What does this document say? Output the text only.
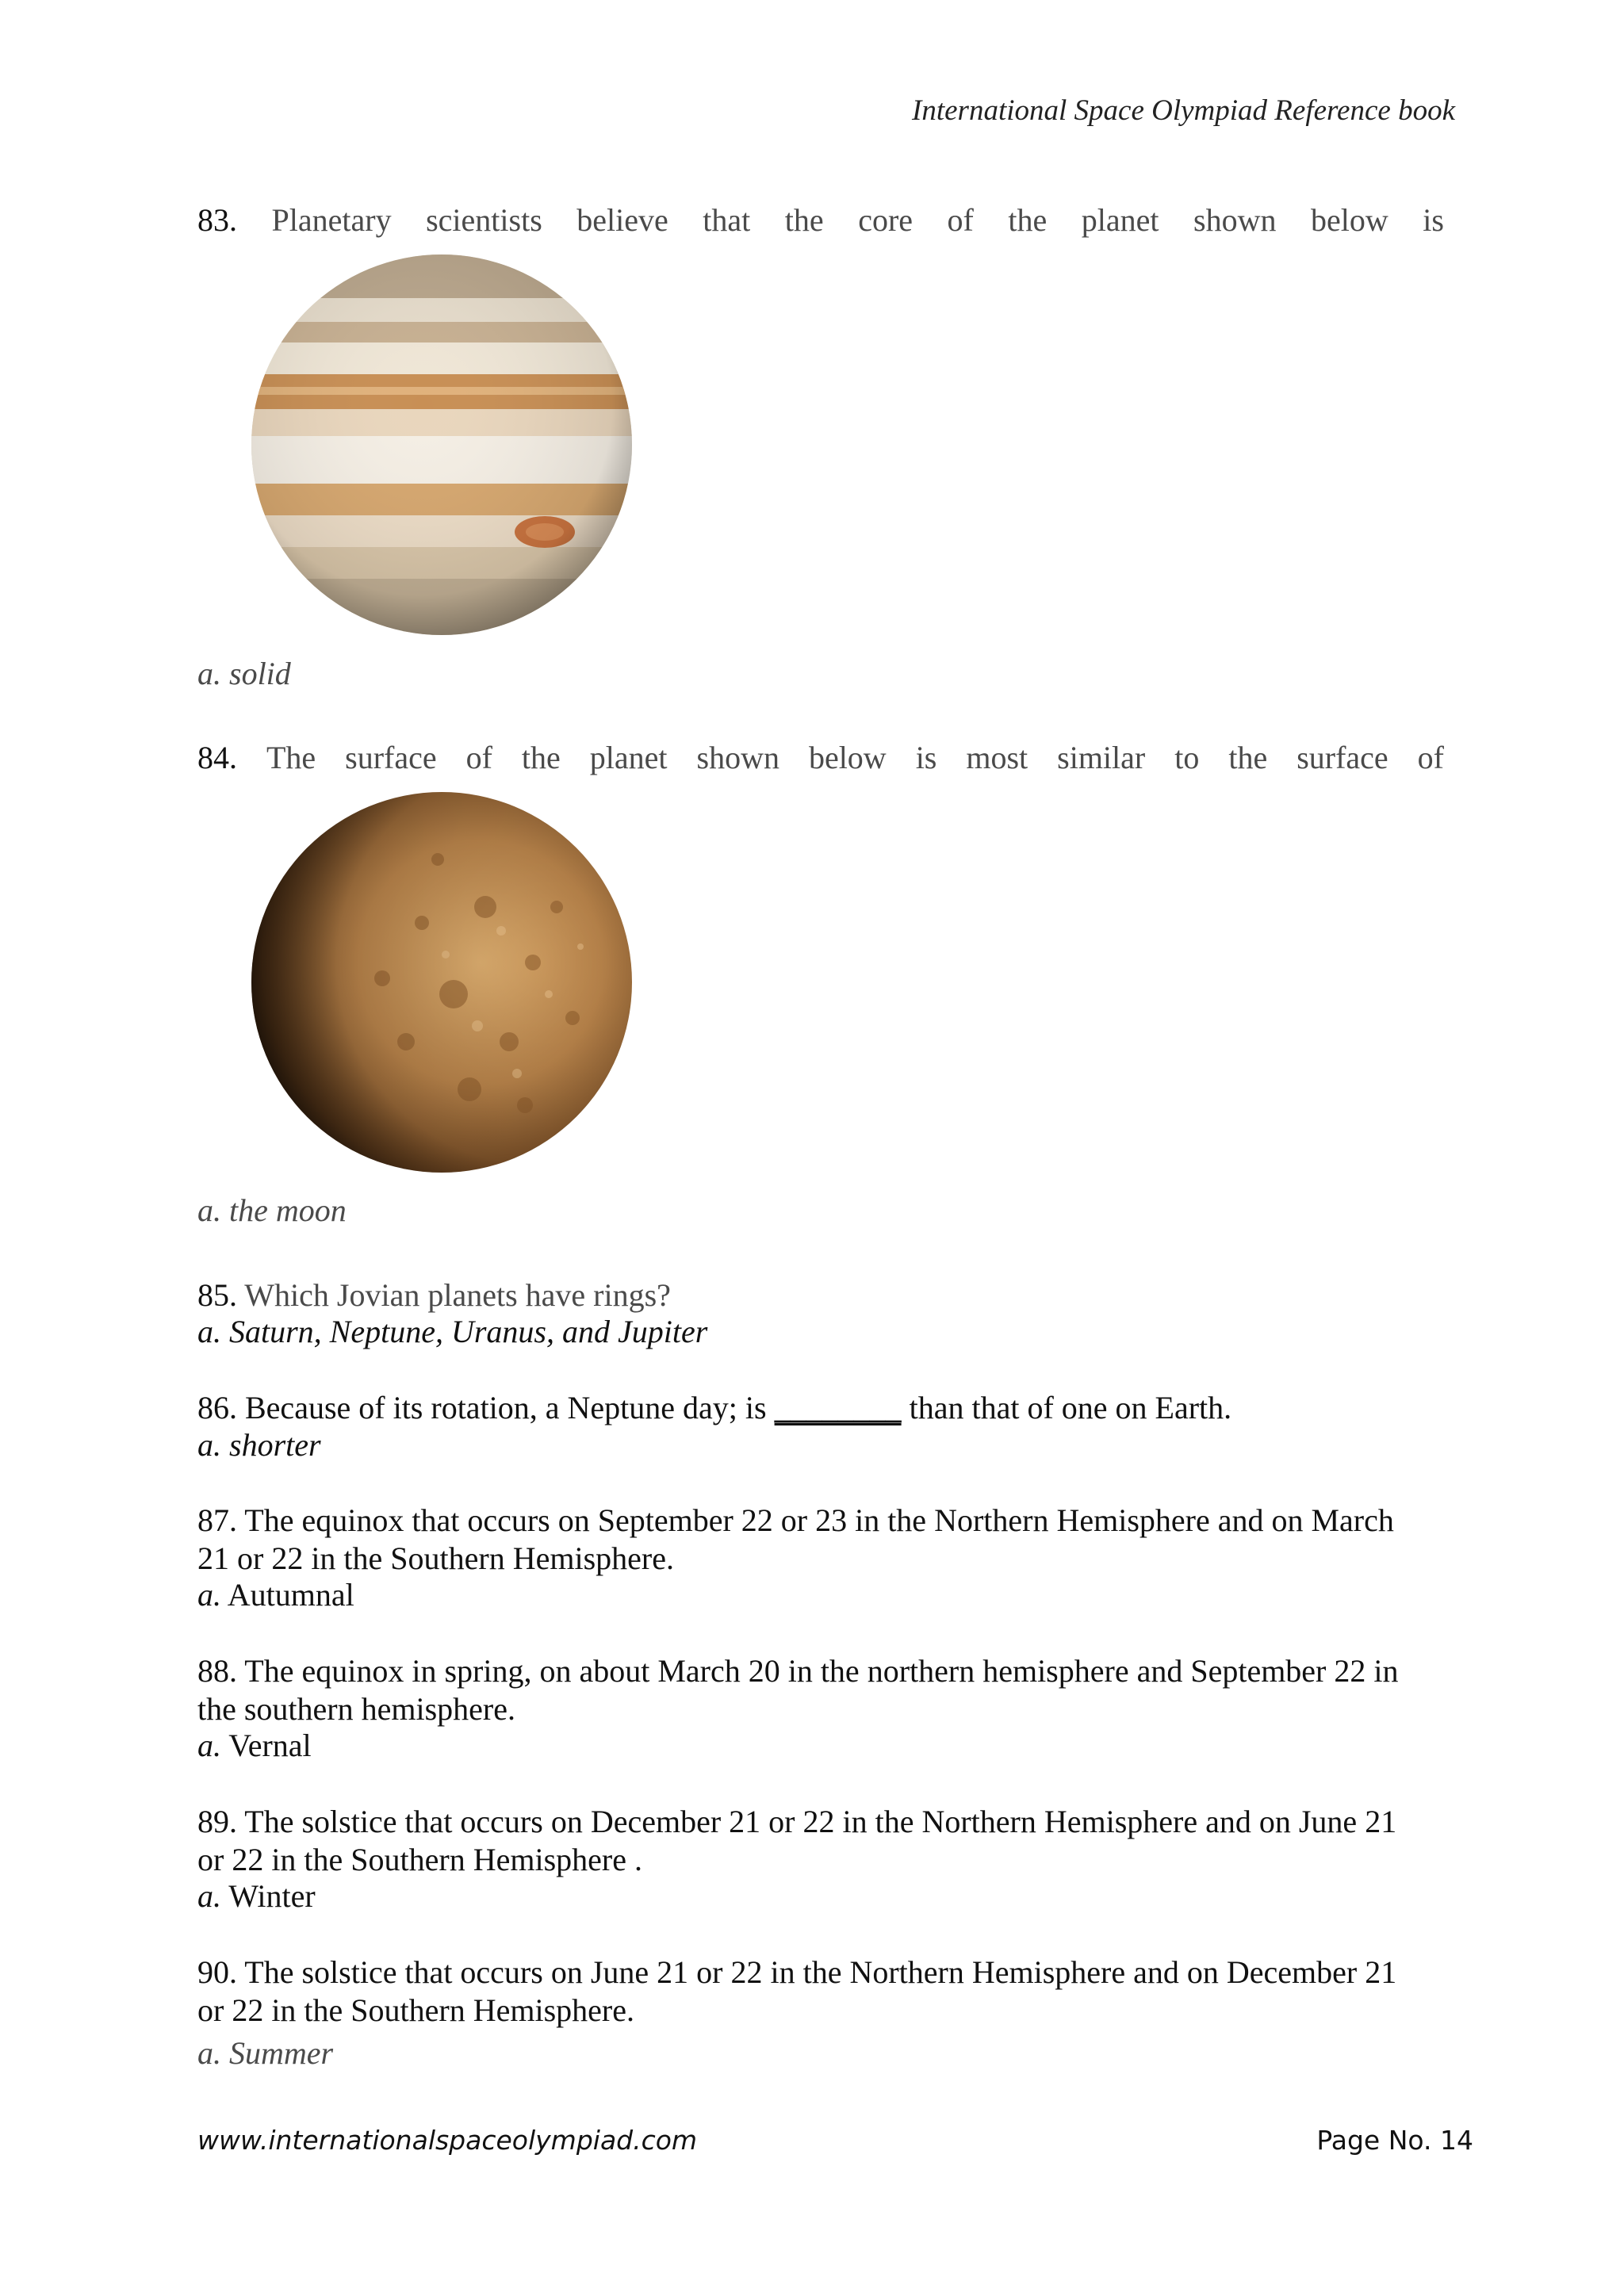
International Space Olympiad Reference book
83. Planetary scientists believe that the core of the planet shown below is
a. solid
84. The surface of the planet shown below is most similar to the surface of
a. the moon
85. Which Jovian planets have rings?
a. Saturn, Neptune, Uranus, and Jupiter
86. Because of its rotation, a Neptune day; is ________ than that of one on Earth.
a. shorter
87. The equinox that occurs on September 22 or 23 in the Northern Hemisphere and on March
21 or 22 in the Southern Hemisphere.
a. Autumnal
88. The equinox in spring, on about March 20 in the northern hemisphere and September 22 in
the southern hemisphere.
a. Vernal
89. The solstice that occurs on December 21 or 22 in the Northern Hemisphere and on June 21
or 22 in the Southern Hemisphere .
a. Winter
90. The solstice that occurs on June 21 or 22 in the Northern Hemisphere and on December 21
or 22 in the Southern Hemisphere.
a. Summer
www.internationalspaceolympiad.com	Page No. 14
